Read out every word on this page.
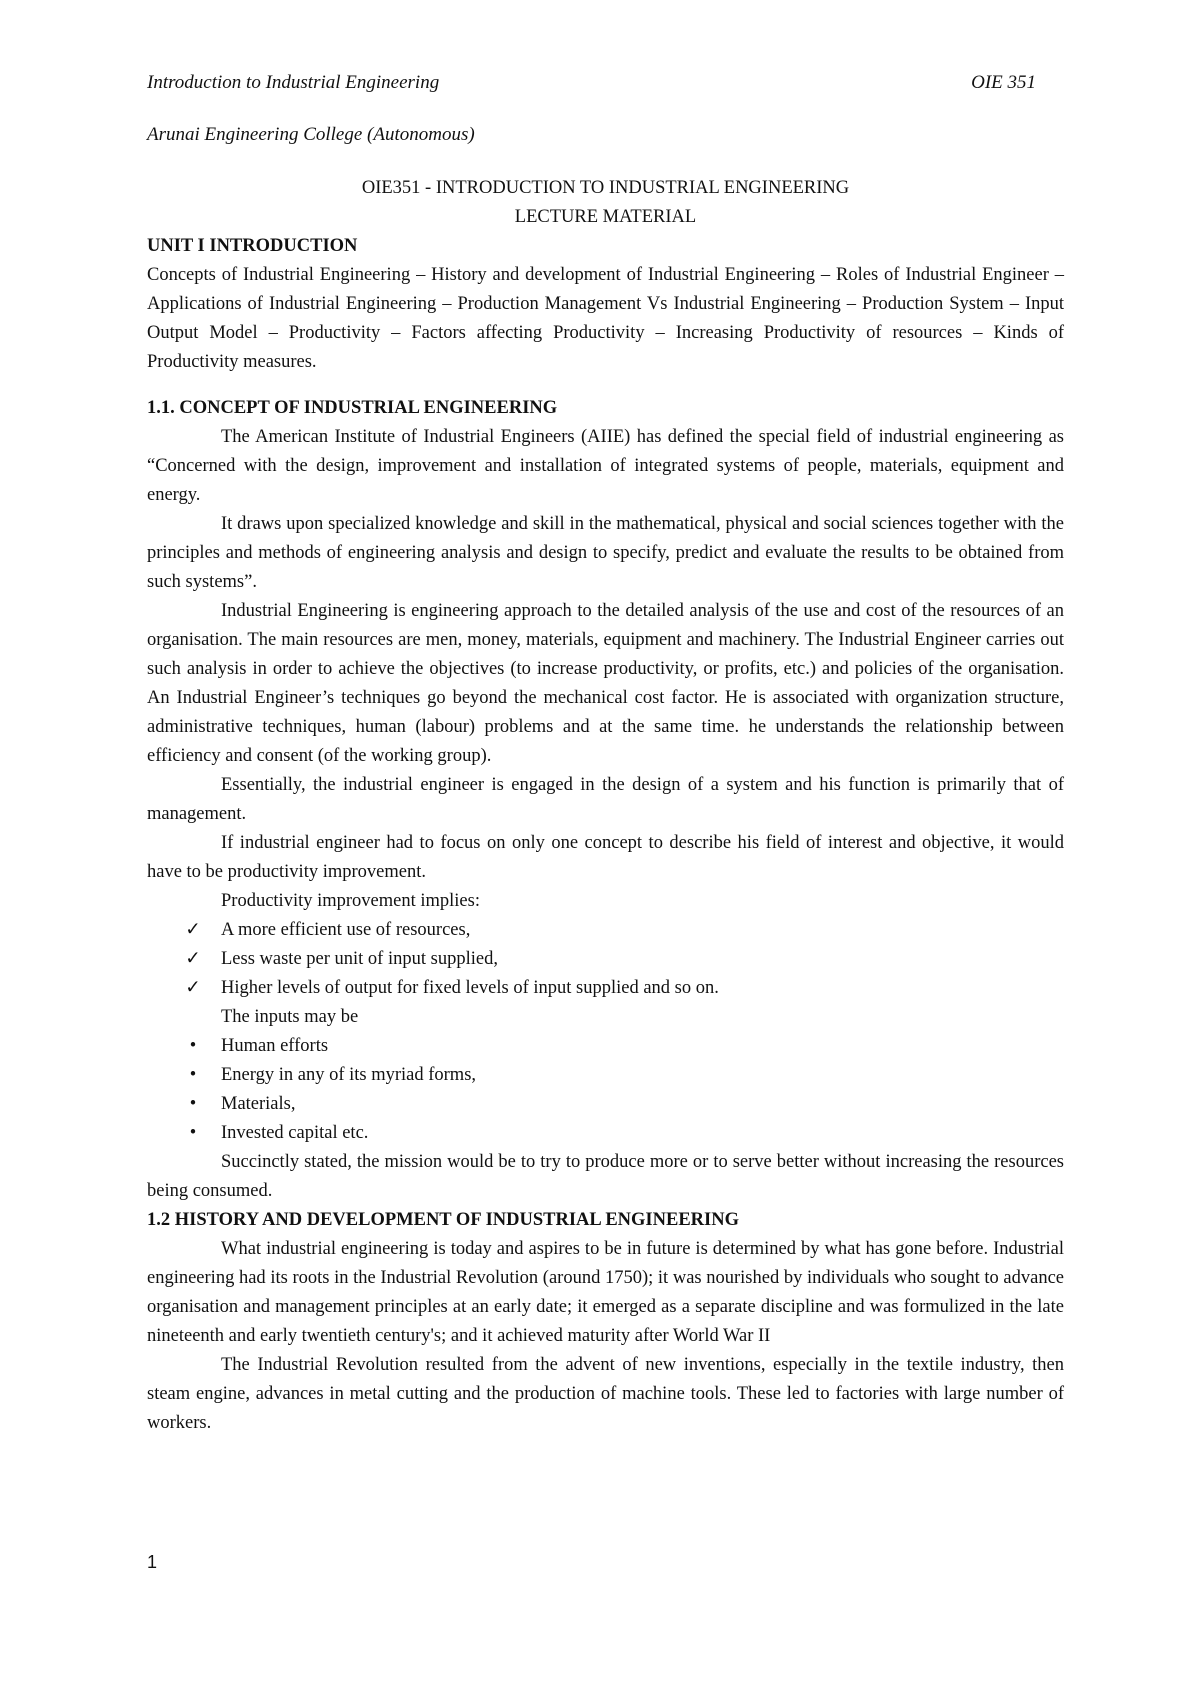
Introduction to Industrial Engineering	OIE 351
Arunai Engineering College (Autonomous)
OIE351 - INTRODUCTION TO INDUSTRIAL ENGINEERING
LECTURE MATERIAL
UNIT I INTRODUCTION

Concepts of Industrial Engineering – History and development of Industrial Engineering – Roles of Industrial Engineer – Applications of Industrial Engineering – Production Management Vs Industrial Engineering – Production System – Input Output Model – Productivity – Factors affecting Productivity – Increasing Productivity of resources – Kinds of Productivity measures.

1.1. CONCEPT OF INDUSTRIAL ENGINEERING

The American Institute of Industrial Engineers (AIIE) has defined the special field of industrial engineering as “Concerned with the design, improvement and installation of integrated systems of people, materials, equipment and energy.

It draws upon specialized knowledge and skill in the mathematical, physical and social sciences together with the principles and methods of engineering analysis and design to specify, predict and evaluate the results to be obtained from such systems”.

Industrial Engineering is engineering approach to the detailed analysis of the use and cost of the resources of an organisation. The main resources are men, money, materials, equipment and machinery. The Industrial Engineer carries out such analysis in order to achieve the objectives (to increase productivity, or profits, etc.) and policies of the organisation. An Industrial Engineer’s techniques go beyond the mechanical cost factor. He is associated with organization structure, administrative techniques, human (labour) problems and at the same time. he understands the relationship between efficiency and consent (of the working group).

Essentially, the industrial engineer is engaged in the design of a system and his function is primarily that of management.

If industrial engineer had to focus on only one concept to describe his field of interest and objective, it would have to be productivity improvement.

Productivity improvement implies:

✓ A more efficient use of resources,
✓ Less waste per unit of input supplied,
✓ Higher levels of output for fixed levels of input supplied and so on.
The inputs may be
•	Human efforts
•	Energy in any of its myriad forms,
•	Materials,
•	Invested capital etc.

Succinctly stated, the mission would be to try to produce more or to serve better without increasing the resources being consumed.

1.2 HISTORY AND DEVELOPMENT OF INDUSTRIAL ENGINEERING

What industrial engineering is today and aspires to be in future is determined by what has gone before. Industrial engineering had its roots in the Industrial Revolution (around 1750); it was nourished by individuals who sought to advance organisation and management principles at an early date; it emerged as a separate discipline and was formulized in the late nineteenth and early twentieth century's; and it achieved maturity after World War II

The Industrial Revolution resulted from the advent of new inventions, especially in the textile industry, then steam engine, advances in metal cutting and the production of machine tools. These led to factories with large number of workers.

1
